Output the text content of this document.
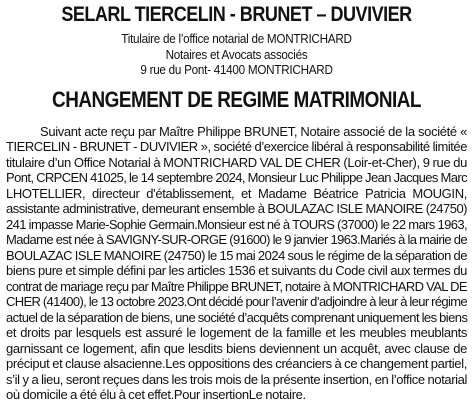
SELARL TIERCELIN - BRUNET – DUVIVIER
Titulaire de l’office notarial de MONTRICHARD
Notaires et Avocats associés
9 rue du Pont- 41400 MONTRICHARD
CHANGEMENT DE REGIME MATRIMONIAL
Suivant acte reçu par Maître Philippe BRUNET, Notaire associé de la société «
TIERCELIN - BRUNET - DUVIVIER », société d’exercice libéral à responsabilité limitée
titulaire d’un Office Notarial à MONTRICHARD VAL DE CHER (Loir-et-Cher), 9 rue du
Pont, CRPCEN 41025, le 14 septembre 2024, Monsieur Luc Philippe Jean Jacques Marc
LHOTELLIER, directeur d'établissement, et Madame Béatrice Patricia MOUGIN,
assistante administrative, demeurant ensemble à BOULAZAC ISLE MANOIRE (24750)
241 impasse Marie-Sophie Germain.Monsieur est né à TOURS (37000) le 22 mars 1963,
Madame est née à SAVIGNY-SUR-ORGE (91600) le 9 janvier 1963.Mariés à la mairie de
BOULAZAC ISLE MANOIRE (24750) le 15 mai 2024 sous le régime de la séparation de
biens pure et simple défini par les articles 1536 et suivants du Code civil aux termes du
contrat de mariage reçu par Maître Philippe BRUNET, notaire à MONTRICHARD VAL DE
CHER (41400), le 13 octobre 2023.Ont décidé pour l’avenir d’adjoindre à leur à leur régime
actuel de la séparation de biens, une société d’acquêts comprenant uniquement les biens
et droits par lesquels est assuré le logement de la famille et les meubles meublants
garnissant ce logement, afin que lesdits biens deviennent un acquêt, avec clause de
préciput et clause alsacienne.Les oppositions des créanciers à ce changement partiel,
s’il y a lieu, seront reçues dans les trois mois de la présente insertion, en l’office notarial
où domicile a été élu à cet effet.Pour insertionLe notaire.
